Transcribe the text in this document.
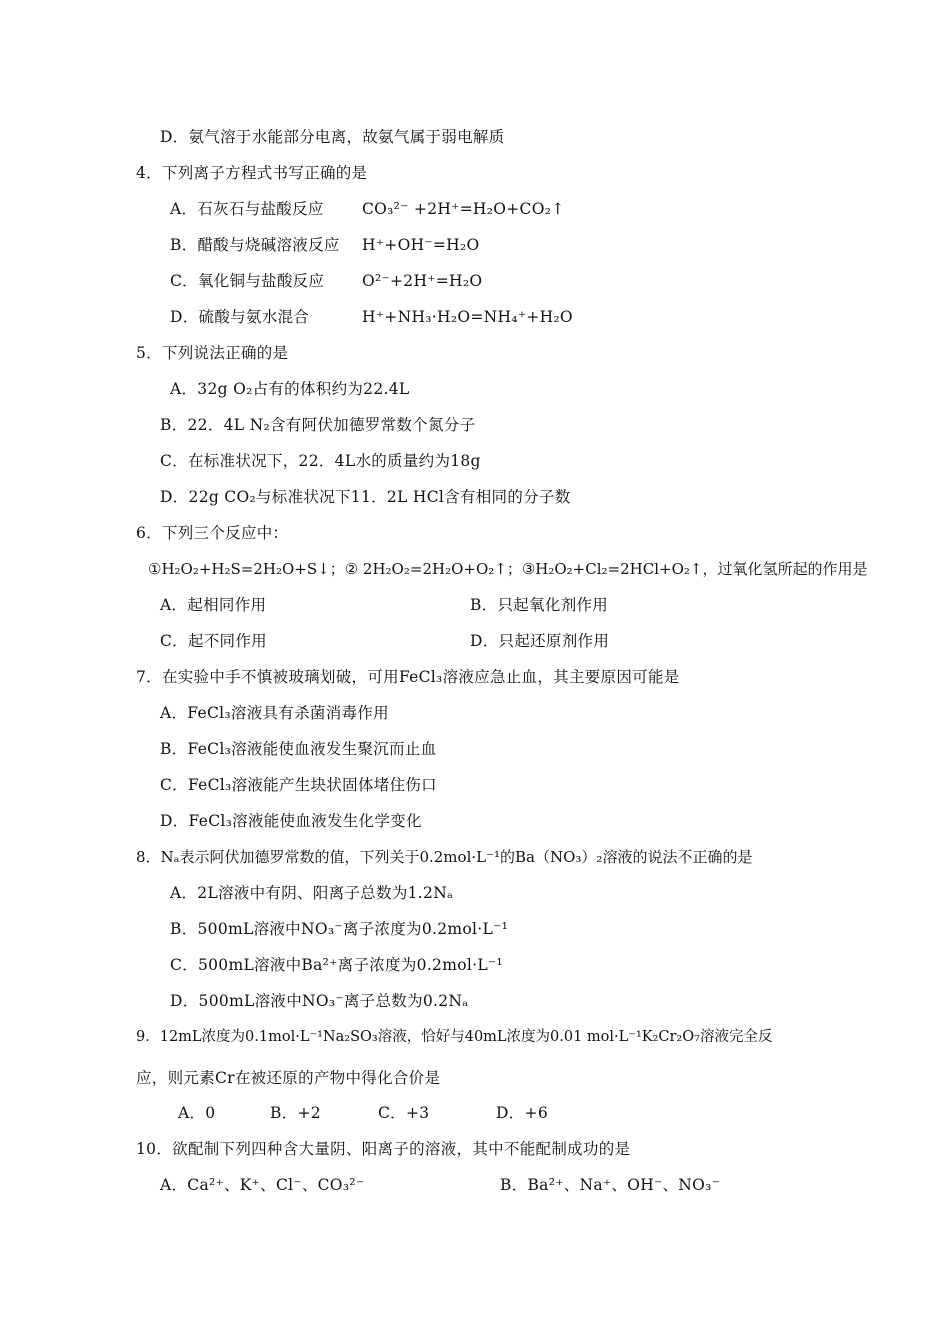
D．氨气溶于水能部分电离，故氨气属于弱电解质
4．下列离子方程式书写正确的是
A．石灰石与盐酸反应 CO₃²⁻ +2H⁺=H₂O+CO₂↑
B．醋酸与烧碱溶液反应 H⁺+OH⁻=H₂O
C．氧化铜与盐酸反应 O²⁻+2H⁺=H₂O
D．硫酸与氨水混合	H⁺+NH₃·H₂O=NH₄⁺+H₂O
5．下列说法正确的是
A．32g O₂占有的体积约为22.4L
B．22．4L N₂含有阿伏加德罗常数个氮分子
C．在标准状况下，22．4L水的质量约为18g
D．22g CO₂与标准状况下11．2L HCl含有相同的分子数
6．下列三个反应中：
①H₂O₂+H₂S=2H₂O+S↓；② 2H₂O₂=2H₂O+O₂↑；③H₂O₂+Cl₂=2HCl+O₂↑，过氧化氢所起的作用是
A．起相同作用	B．只起氧化剂作用
C．起不同作用	D．只起还原剂作用
7．在实验中手不慎被玻璃划破，可用FeCl₃溶液应急止血，其主要原因可能是
A．FeCl₃溶液具有杀菌消毒作用
B．FeCl₃溶液能使血液发生聚沉而止血
C．FeCl₃溶液能产生块状固体堵住伤口
D．FeCl₃溶液能使血液发生化学变化
8．Nₐ表示阿伏加德罗常数的值，下列关于0.2mol·L⁻¹的Ba（NO₃）₂溶液的说法不正确的是
A．2L溶液中有阴、阳离子总数为1.2Nₐ
B．500mL溶液中NO₃⁻离子浓度为0.2mol·L⁻¹
C．500mL溶液中Ba²⁺离子浓度为0.2mol·L⁻¹
D．500mL溶液中NO₃⁻离子总数为0.2Nₐ
9．12mL浓度为0.1mol·L⁻¹Na₂SO₃溶液，恰好与40mL浓度为0.01 mol·L⁻¹K₂Cr₂O₇溶液完全反
应，则元素Cr在被还原的产物中得化合价是
A．0	B．+2	C．+3	D．+6
10．欲配制下列四种含大量阴、阳离子的溶液，其中不能配制成功的是
A．Ca²⁺、K⁺、Cl⁻、CO₃²⁻	B．Ba²⁺、Na⁺、OH⁻、NO₃⁻
